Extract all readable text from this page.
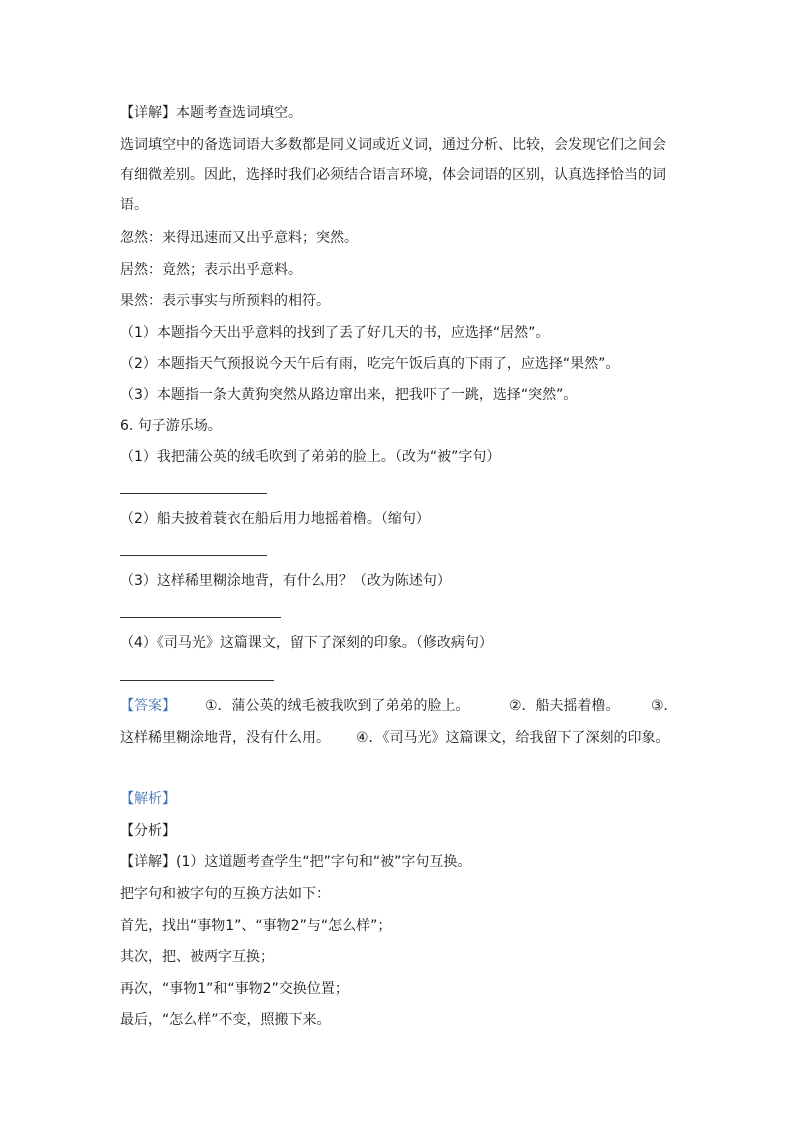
【详解】本题考查选词填空。
选词填空中的备选词语大多数都是同义词或近义词，通过分析、比较，会发现它们之间会
有细微差别。因此，选择时我们必须结合语言环境，体会词语的区别，认真选择恰当的词
语。
忽然：来得迅速而又出乎意料；突然。
居然：竟然；表示出乎意料。
果然：表示事实与所预料的相符。
（1）本题指今天出乎意料的找到了丢了好几天的书，应选择“居然”。
（2）本题指天气预报说今天午后有雨，吃完午饭后真的下雨了，应选择“果然”。
（3）本题指一条大黄狗突然从路边窜出来，把我吓了一跳，选择“突然”。
6. 句子游乐场。
（1）我把蒲公英的绒毛吹到了弟弟的脸上。（改为“被”字句）
（2）船夫披着蓑衣在船后用力地摇着橹。（缩句）
（3）这样稀里糊涂地背，有什么用？（改为陈述句）
（4）《司马光》这篇课文，留下了深刻的印象。（修改病句）
【答案】 ①．蒲公英的绒毛被我吹到了弟弟的脸上。	②．船夫摇着橹。 ③．
这样稀里糊涂地背，没有什么用。 ④．《司马光》这篇课文，给我留下了深刻的印象。
【解析】
【分析】
【详解】(1）这道题考查学生“把”字句和“被”字句互换。
把字句和被字句的互换方法如下：
首先，找出“事物1”、“事物2”与“怎么样”；
其次，把、被两字互换；
再次，“事物1”和“事物2”交换位置；
最后，“怎么样”不变，照搬下来。
